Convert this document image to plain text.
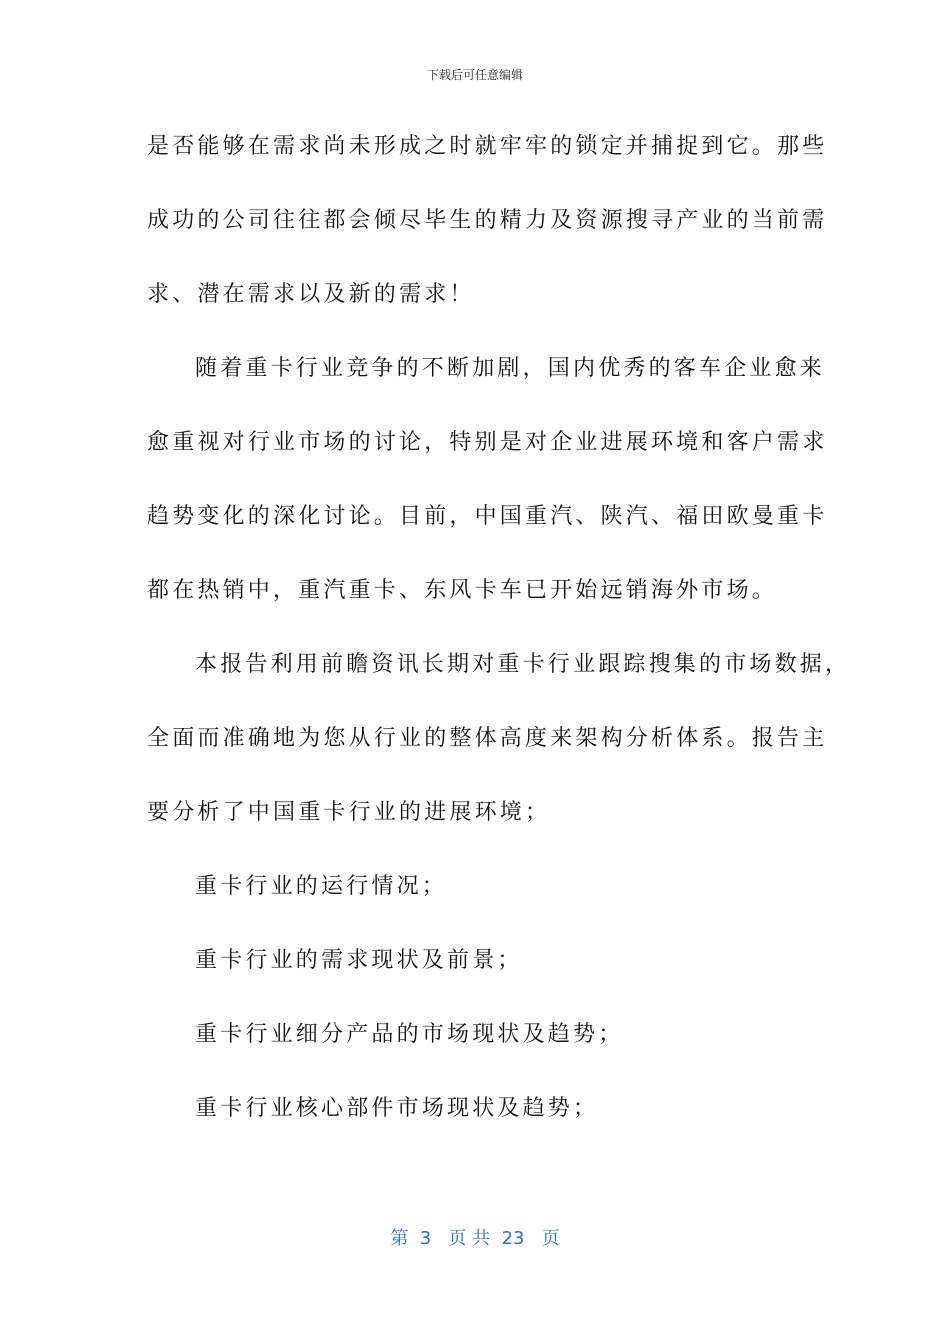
下载后可任意编辑
是否能够在需求尚未形成之时就牢牢的锁定并捕捉到它。那些
成功的公司往往都会倾尽毕生的精力及资源搜寻产业的当前需
求、潜在需求以及新的需求！
随着重卡行业竞争的不断加剧，国内优秀的客车企业愈来
愈重视对行业市场的讨论，特别是对企业进展环境和客户需求
趋势变化的深化讨论。目前，中国重汽、陕汽、福田欧曼重卡
都在热销中，重汽重卡、东风卡车已开始远销海外市场。
本报告利用前瞻资讯长期对重卡行业跟踪搜集的市场数据，
全面而准确地为您从行业的整体高度来架构分析体系。报告主
要分析了中国重卡行业的进展环境；
重卡行业的运行情况；
重卡行业的需求现状及前景；
重卡行业细分产品的市场现状及趋势；
重卡行业核心部件市场现状及趋势；
第  3   页 共  23   页
